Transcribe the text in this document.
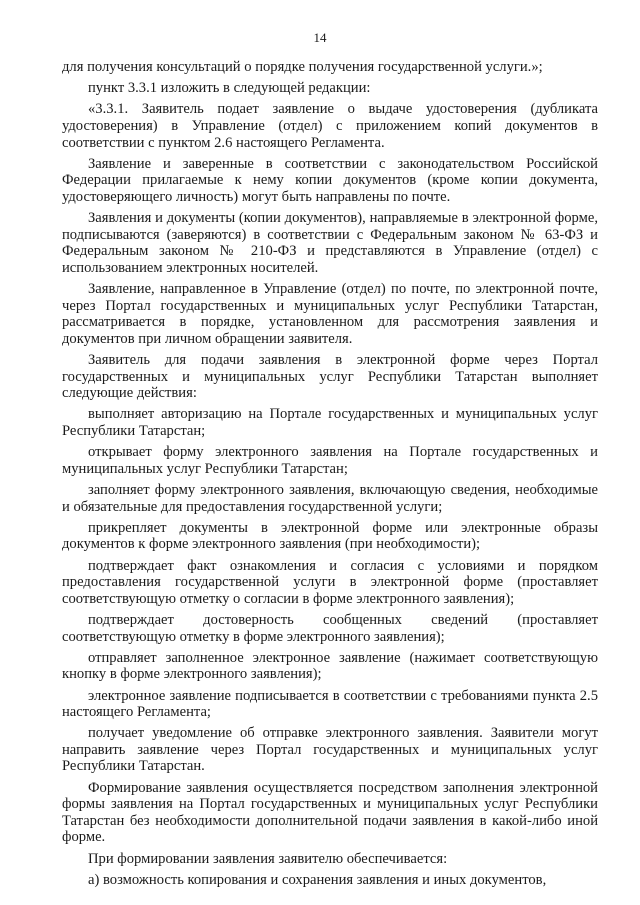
14

для получения консультаций о порядке получения государственной услуги.»;

пункт 3.3.1 изложить в следующей редакции:

«3.3.1. Заявитель подает заявление о выдаче удостоверения (дубликата удостоверения) в Управление (отдел) с приложением копий документов в соответствии с пунктом 2.6 настоящего Регламента.

Заявление и заверенные в соответствии с законодательством Российской Федерации прилагаемые к нему копии документов (кроме копии документа, удостоверяющего личность) могут быть направлены по почте.

Заявления и документы (копии документов), направляемые в электронной форме, подписываются (заверяются) в соответствии с Федеральным законом № 63-ФЗ и Федеральным законом № 210-ФЗ и представляются в Управление (отдел) с использованием электронных носителей.

Заявление, направленное в Управление (отдел) по почте, по электронной почте, через Портал государственных и муниципальных услуг Республики Татарстан, рассматривается в порядке, установленном для рассмотрения заявления и документов при личном обращении заявителя.

Заявитель для подачи заявления в электронной форме через Портал государственных и муниципальных услуг Республики Татарстан выполняет следующие действия:

выполняет авторизацию на Портале государственных и муниципальных услуг Республики Татарстан;

открывает форму электронного заявления на Портале государственных и муниципальных услуг Республики Татарстан;

заполняет форму электронного заявления, включающую сведения, необходимые и обязательные для предоставления государственной услуги;

прикрепляет документы в электронной форме или электронные образы документов к форме электронного заявления (при необходимости);

подтверждает факт ознакомления и согласия с условиями и порядком предоставления государственной услуги в электронной форме (проставляет соответствующую отметку о согласии в форме электронного заявления);

подтверждает достоверность сообщенных сведений (проставляет соответствующую отметку в форме электронного заявления);

отправляет заполненное электронное заявление (нажимает соответствующую кнопку в форме электронного заявления);

электронное заявление подписывается в соответствии с требованиями пункта 2.5 настоящего Регламента;

получает уведомление об отправке электронного заявления. Заявители могут направить заявление через Портал государственных и муниципальных услуг Республики Татарстан.

Формирование заявления осуществляется посредством заполнения электронной формы заявления на Портал государственных и муниципальных услуг Республики Татарстан без необходимости дополнительной подачи заявления в какой-либо иной форме.

При формировании заявления заявителю обеспечивается:

а) возможность копирования и сохранения заявления и иных документов,
